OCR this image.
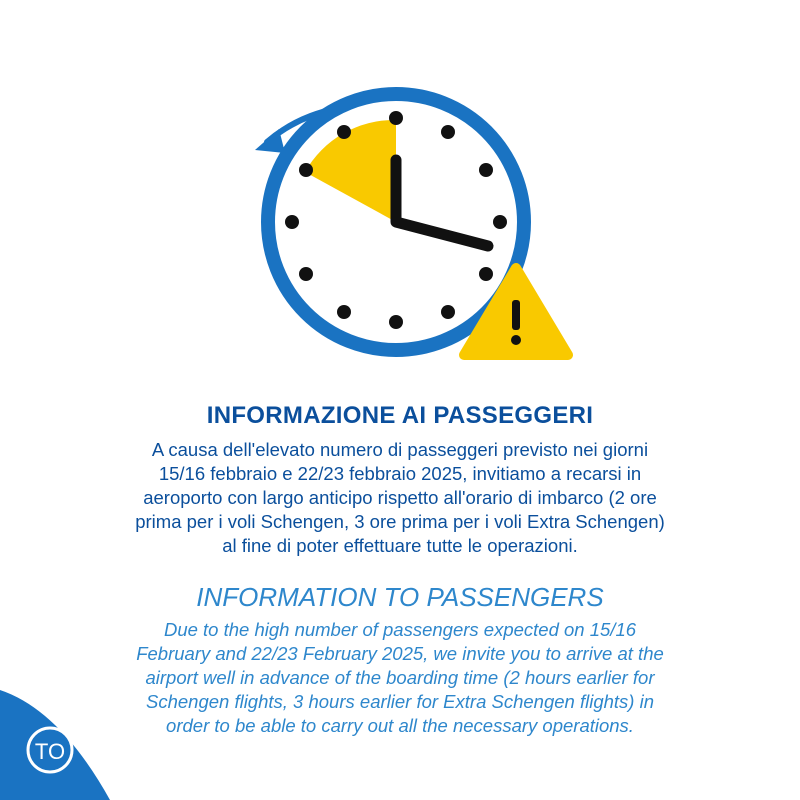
INFORMAZIONE AI PASSEGGERI
A causa dell'elevato numero di passeggeri previsto nei giorni
15/16 febbraio e 22/23 febbraio 2025, invitiamo a recarsi in
aeroporto con largo anticipo rispetto all'orario di imbarco (2 ore
prima per i voli Schengen, 3 ore prima per i voli Extra Schengen)
al fine di poter effettuare tutte le operazioni.
INFORMATION TO PASSENGERS
Due to the high number of passengers expected on 15/16
February and 22/23 February 2025, we invite you to arrive at the
airport well in advance of the boarding time (2 hours earlier for
Schengen flights, 3 hours earlier for Extra Schengen flights) in
order to be able to carry out all the necessary operations.
TO
